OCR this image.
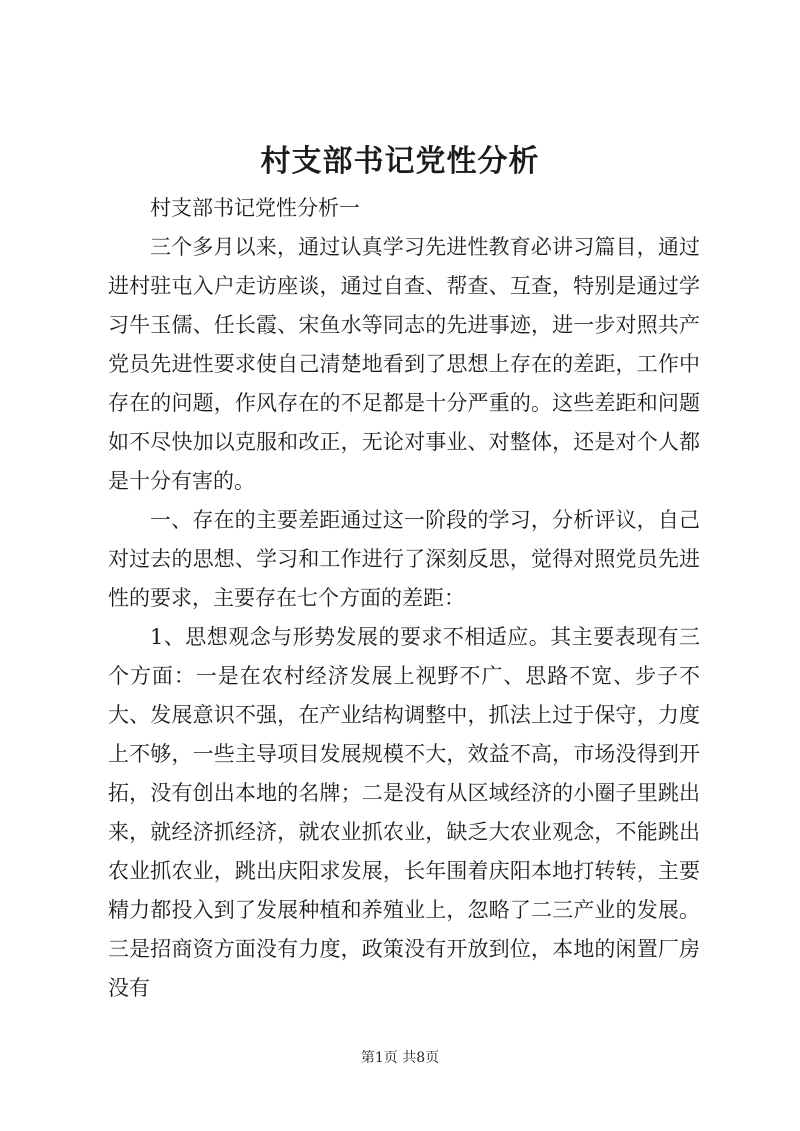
村支部书记党性分析

村支部书记党性分析一

三个多月以来，通过认真学习先进性教育必讲习篇目，通过进村驻屯入户走访座谈，通过自查、帮查、互查，特别是通过学习牛玉儒、任长霞、宋鱼水等同志的先进事迹，进一步对照共产党员先进性要求使自己清楚地看到了思想上存在的差距，工作中存在的问题，作风存在的不足都是十分严重的。这些差距和问题如不尽快加以克服和改正，无论对事业、对整体，还是对个人都是十分有害的。

一、存在的主要差距通过这一阶段的学习，分析评议，自己对过去的思想、学习和工作进行了深刻反思，觉得对照党员先进性的要求，主要存在七个方面的差距：

1、思想观念与形势发展的要求不相适应。其主要表现有三个方面：一是在农村经济发展上视野不广、思路不宽、步子不大、发展意识不强，在产业结构调整中，抓法上过于保守，力度上不够，一些主导项目发展规模不大，效益不高，市场没得到开拓，没有创出本地的名牌；二是没有从区域经济的小圈子里跳出来，就经济抓经济，就农业抓农业，缺乏大农业观念，不能跳出农业抓农业，跳出庆阳求发展，长年围着庆阳本地打转转，主要精力都投入到了发展种植和养殖业上，忽略了二三产业的发展。三是招商资方面没有力度，政策没有开放到位，本地的闲置厂房没有

第1页 共8页
